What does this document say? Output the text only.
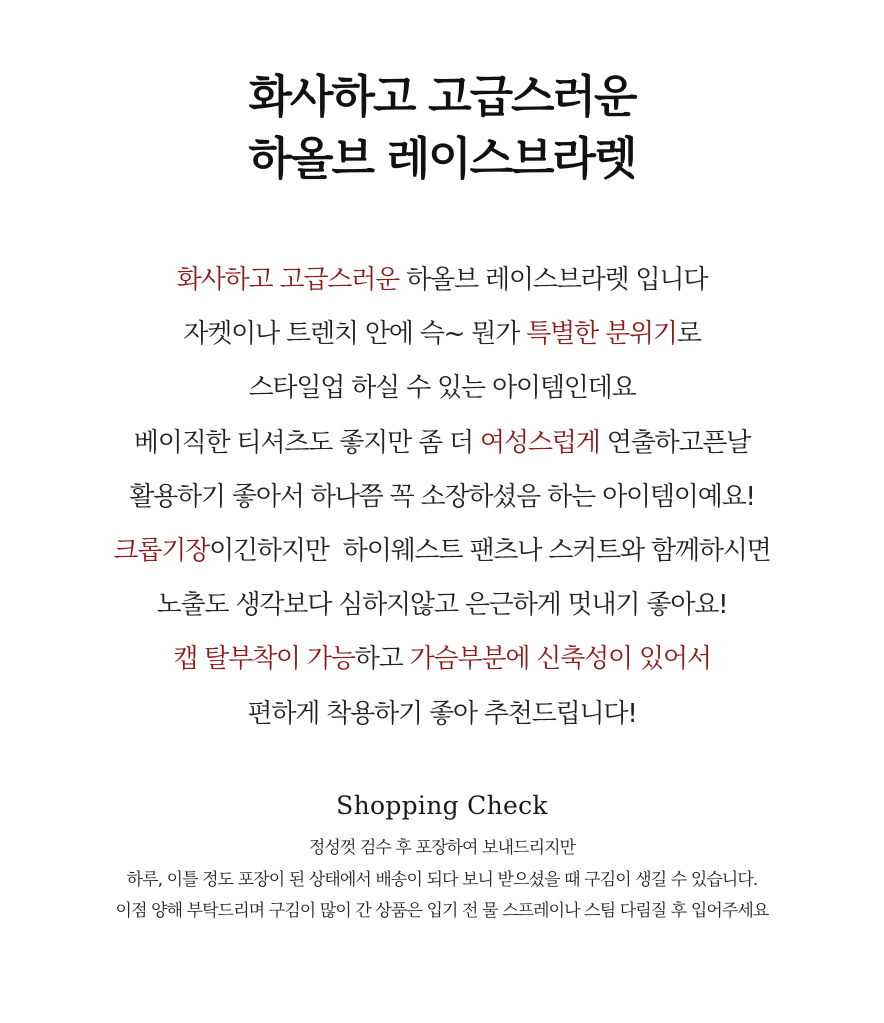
화사하고 고급스러운
하올브 레이스브라렛
화사하고 고급스러운 하올브 레이스브라렛 입니다
자켓이나 트렌치 안에 슥~ 뭔가 특별한 분위기로
스타일업 하실 수 있는 아이템인데요
베이직한 티셔츠도 좋지만 좀 더 여성스럽게 연출하고픈날
활용하기 좋아서 하나쯤 꼭 소장하셨음 하는 아이템이예요!
크롭기장이긴하지만  하이웨스트 팬츠나 스커트와 함께하시면
노출도 생각보다 심하지않고 은근하게 멋내기 좋아요!
캡 탈부착이 가능하고 가슴부분에 신축성이 있어서
편하게 착용하기 좋아 추천드립니다!
Shopping Check
정성껏 검수 후 포장하여 보내드리지만
하루, 이틀 정도 포장이 된 상태에서 배송이 되다 보니 받으셨을 때 구김이 생길 수 있습니다.
이점 양해 부탁드리며 구김이 많이 간 상품은 입기 전 물 스프레이나 스팀 다림질 후 입어주세요
